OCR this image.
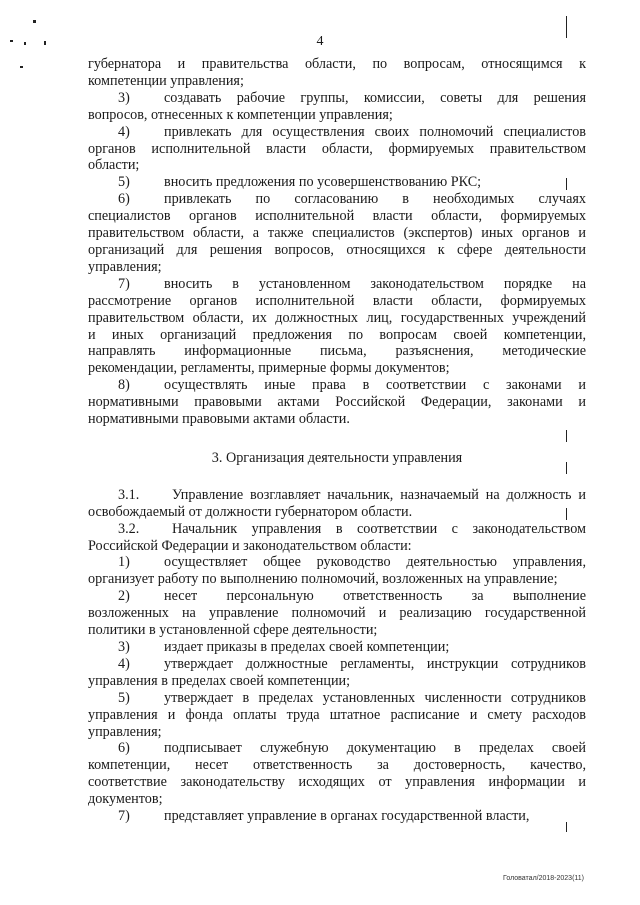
4

губернатора и правительства области, по вопросам, относящимся к

компетенции управления;

3) создавать рабочие группы, комиссии, советы для решения

вопросов, отнесенных к компетенции управления;

4) привлекать для осуществления своих полномочий специалистов

органов исполнительной власти области, формируемых правительством

области;

5) вносить предложения по усовершенствованию РКС;

6) привлекать по согласованию в необходимых случаях

специалистов органов исполнительной власти области, формируемых

правительством области, а также специалистов (экспертов) иных органов и

организаций для решения вопросов, относящихся к сфере деятельности

управления;

7) вносить в установленном законодательством порядке на

рассмотрение органов исполнительной власти области, формируемых

правительством области, их должностных лиц, государственных учреждений

и иных организаций предложения по вопросам своей компетенции,

направлять информационные письма, разъяснения, методические

рекомендации, регламенты, примерные формы документов;

8) осуществлять иные права в соответствии с законами и

нормативными правовыми актами Российской Федерации, законами и

нормативными правовыми актами области.

3. Организация деятельности управления

3.1. Управление возглавляет начальник, назначаемый на должность и

освобождаемый от должности губернатором области.

3.2. Начальник управления в соответствии с законодательством

Российской Федерации и законодательством области:

1) осуществляет общее руководство деятельностью управления,

организует работу по выполнению полномочий, возложенных на управление;

2) несет персональную ответственность за выполнение

возложенных на управление полномочий и реализацию государственной

политики в установленной сфере деятельности;

3) издает приказы в пределах своей компетенции;

4) утверждает должностные регламенты, инструкции сотрудников

управления в пределах своей компетенции;

5) утверждает в пределах установленных численности сотрудников

управления и фонда оплаты труда штатное расписание и смету расходов

управления;

6) подписывает служебную документацию в пределах своей

компетенции, несет ответственность за достоверность, качество,

соответствие законодательству исходящих от управления информации и

документов;

7) представляет управление в органах государственной власти,

Головатал/2018-2023(11)
